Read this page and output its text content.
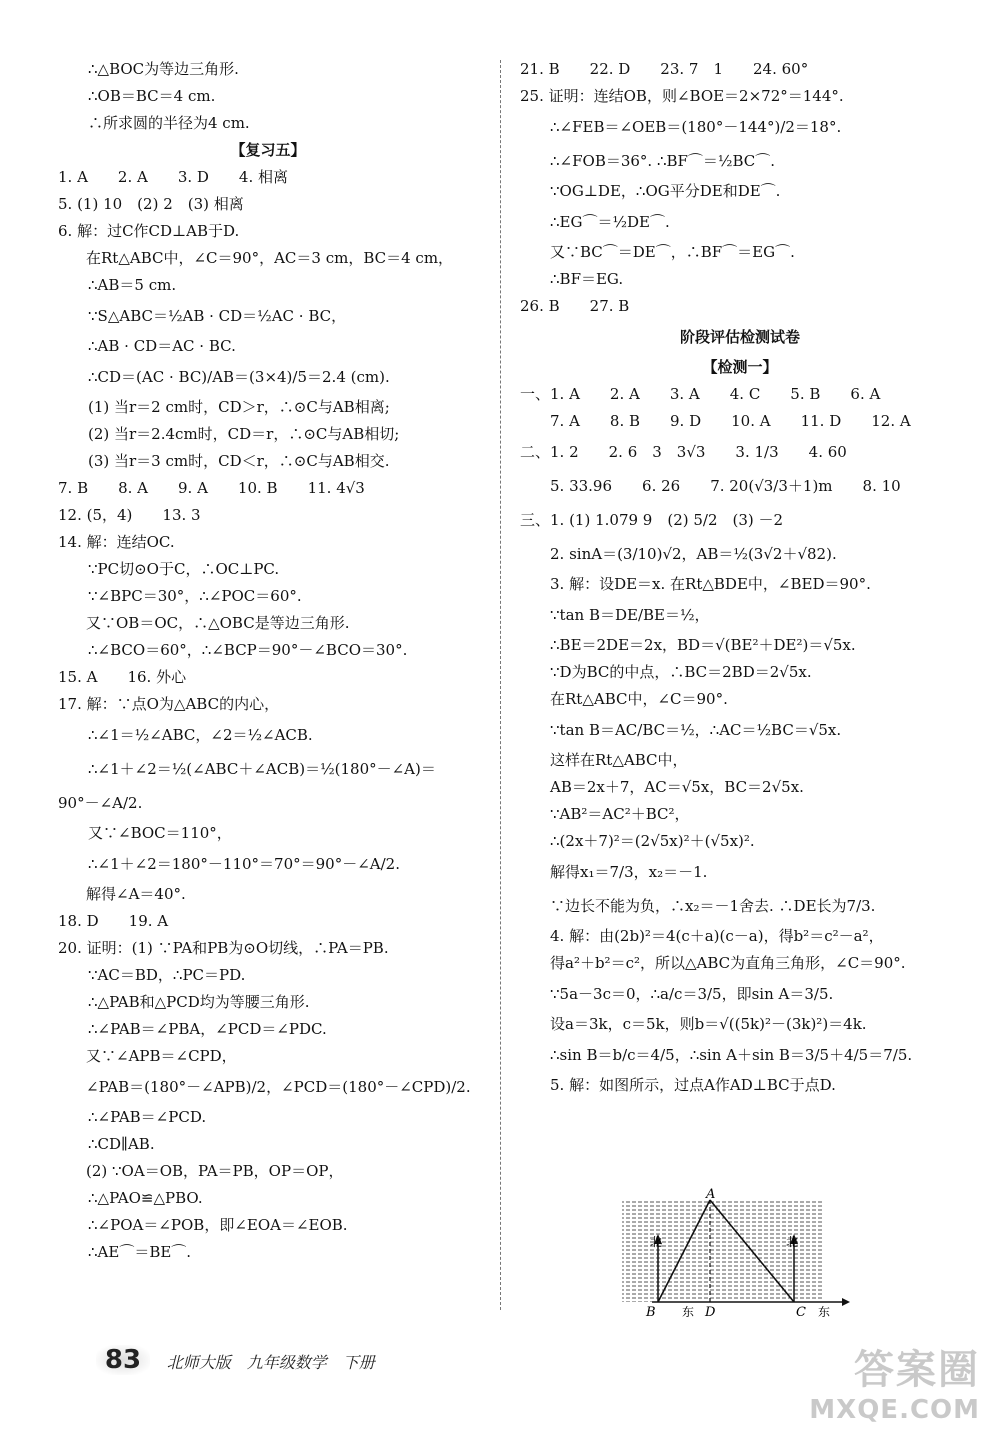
∴△BOC为等边三角形.
∴OB＝BC＝4 cm.
∴所求圆的半径为4 cm.
【复习五】
1. A　　2. A　　3. D　　4. 相离
5. (1) 10　(2) 2　(3) 相离
6. 解：过C作CD⊥AB于D.
在Rt△ABC中，∠C＝90°，AC＝3 cm，BC＝4 cm，
∴AB＝5 cm.
∵S△ABC＝½AB · CD＝½AC · BC，
∴AB · CD＝AC · BC.
∴CD＝(AC · BC)/AB＝(3×4)/5＝2.4 (cm).
(1) 当r＝2 cm时，CD＞r，∴⊙C与AB相离;
(2) 当r＝2.4cm时，CD＝r，∴⊙C与AB相切;
(3) 当r＝3 cm时，CD＜r，∴⊙C与AB相交.
7. B　　8. A　　9. A　　10. B　　11. 4√3
12. (5，4)　　13. 3
14. 解：连结OC.
∵PC切⊙O于C，∴OC⊥PC.
∵∠BPC＝30°，∴∠POC＝60°.
又∵OB＝OC，∴△OBC是等边三角形.
∴∠BCO＝60°，∴∠BCP＝90°－∠BCO＝30°.
15. A　　16. 外心
17. 解：∵点O为△ABC的内心，
∴∠1＝½∠ABC，∠2＝½∠ACB.
∴∠1＋∠2＝½(∠ABC＋∠ACB)＝½(180°－∠A)＝
90°－∠A/2.
又∵∠BOC＝110°，
∴∠1＋∠2＝180°－110°＝70°＝90°－∠A/2.
解得∠A＝40°.
18. D　　19. A
20. 证明：(1) ∵PA和PB为⊙O切线，∴PA＝PB.
∵AC＝BD，∴PC＝PD.
∴△PAB和△PCD均为等腰三角形.
∴∠PAB＝∠PBA，∠PCD＝∠PDC.
又∵∠APB＝∠CPD，
∠PAB＝(180°－∠APB)/2，∠PCD＝(180°－∠CPD)/2.
∴∠PAB＝∠PCD.
∴CD∥AB.
(2) ∵OA＝OB，PA＝PB，OP＝OP，
∴△PAO≌△PBO.
∴∠POA＝∠POB，即∠EOA＝∠EOB.
∴AE⌒＝BE⌒.
21. B　　22. D　　23. 7　1　　24. 60°
25. 证明：连结OB，则∠BOE＝2×72°＝144°.
∴∠FEB＝∠OEB＝(180°－144°)/2＝18°.
∴∠FOB＝36°. ∴BF⌒＝½BC⌒.
∵OG⊥DE，∴OG平分DE和DE⌒.
∴EG⌒＝½DE⌒.
又∵BC⌒＝DE⌒，∴BF⌒＝EG⌒.
∴BF＝EG.
26. B　　27. B
阶段评估检测试卷
【检测一】
一、1. A　　2. A　　3. A　　4. C　　5. B　　6. A
7. A　　8. B　　9. D　　10. A　　11. D　　12. A
二、1. 2　　2. 6　3　3√3　　3. 1/3　　4. 60
5. 33.96　　6. 26　　7. 20(√3/3＋1)m　　8. 10
三、1. (1) 1.079 9　(2) 5/2　(3) －2
2. sinA＝(3/10)√2，AB＝½(3√2＋√82).
3. 解：设DE＝x. 在Rt△BDE中，∠BED＝90°.
∵tan B＝DE/BE＝½，
∴BE＝2DE＝2x，BD＝√(BE²＋DE²)＝√5x.
∵D为BC的中点，∴BC＝2BD＝2√5x.
在Rt△ABC中，∠C＝90°.
∵tan B＝AC/BC＝½，∴AC＝½BC＝√5x.
这样在Rt△ABC中，
AB＝2x＋7，AC＝√5x，BC＝2√5x.
∵AB²＝AC²＋BC²，
∴(2x＋7)²＝(2√5x)²＋(√5x)².
解得x₁＝7/3，x₂＝－1.
∵边长不能为负，∴x₂＝－1舍去. ∴DE长为7/3.
4. 解：由(2b)²＝4(c＋a)(c－a)，得b²＝c²－a²，
得a²＋b²＝c²，所以△ABC为直角三角形，∠C＝90°.
∵5a－3c＝0，∴a/c＝3/5，即sin A＝3/5.
设a＝3k，c＝5k，则b＝√((5k)²－(3k)²)＝4k.
∴sin B＝b/c＝4/5，∴sin A＋sin B＝3/5＋4/5＝7/5.
5. 解：如图所示，过点A作AD⊥BC于点D.
A
B	C
D
北	北
东	东
83 北师大版　九年级数学　下册	答案圈
MXQE.COM
